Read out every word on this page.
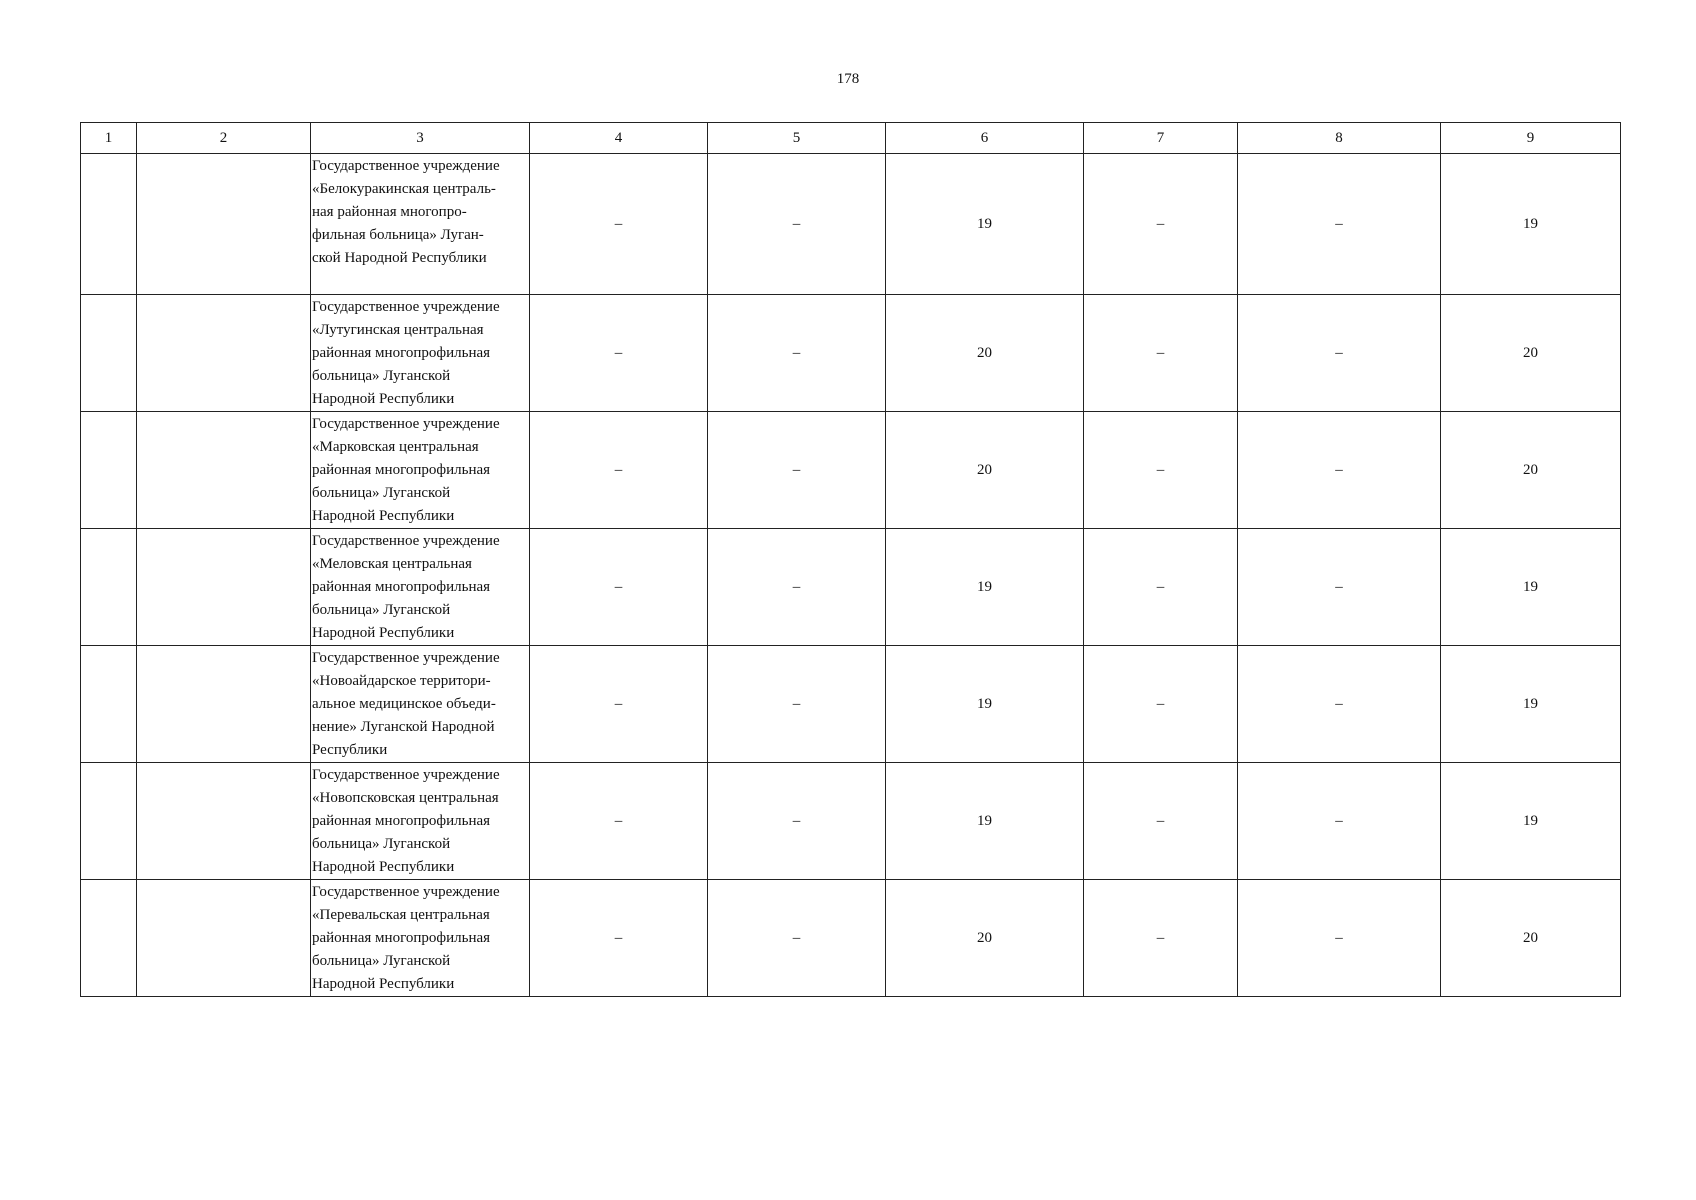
178
1	2	3	4	5	6	7	8	9
		Государственное учреждение
«Белокуракинская централь-
ная районная многопро-
фильная больница» Луган-
ской Народной Республики	–	–	19	–	–	19
		Государственное учреждение
«Лутугинская центральная
районная многопрофильная
больница» Луганской
Народной Республики	–	–	20	–	–	20
		Государственное учреждение
«Марковская центральная
районная многопрофильная
больница» Луганской
Народной Республики	–	–	20	–	–	20
		Государственное учреждение
«Меловская центральная
районная многопрофильная
больница» Луганской
Народной Республики	–	–	19	–	–	19
		Государственное учреждение
«Новоайдарское территори-
альное медицинское объеди-
нение» Луганской Народной
Республики	–	–	19	–	–	19
		Государственное учреждение
«Новопсковская центральная
районная многопрофильная
больница» Луганской
Народной Республики	–	–	19	–	–	19
		Государственное учреждение
«Перевальская центральная
районная многопрофильная
больница» Луганской
Народной Республики	–	–	20	–	–	20
